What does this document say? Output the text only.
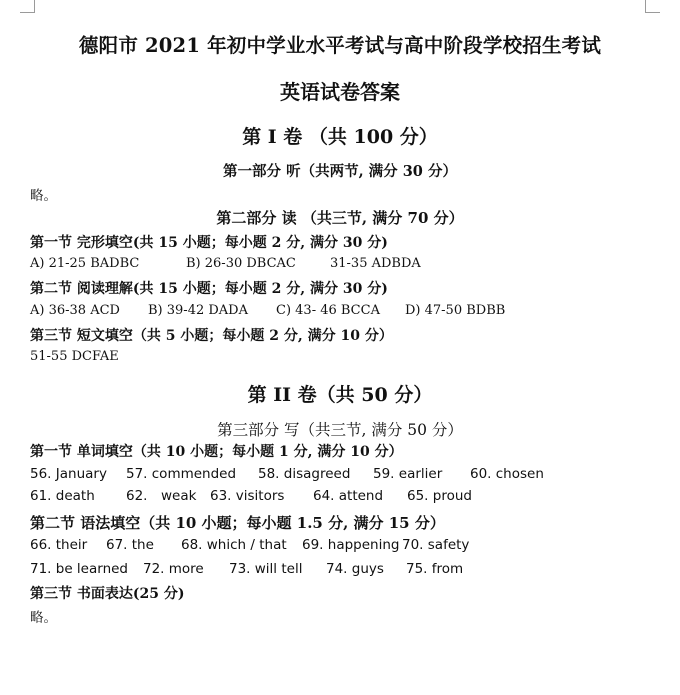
德阳市 2021 年初中学业水平考试与高中阶段学校招生考试
英语试卷答案
第 I 卷 （共 100 分）
第一部分 听（共两节, 满分 30 分）
略。
第二部分 读 （共三节, 满分 70 分）
第一节 完形填空(共 15 小题；每小题 2 分, 满分 30 分)
A) 21-25 BADBC	B) 26-30 DBCAC	31-35 ADBDA
第二节 阅读理解(共 15 小题；每小题 2 分, 满分 30 分)
A) 36-38 ACD B) 39-42 DADA C) 43- 46 BCCA D) 47-50 BDBB
第三节 短文填空（共 5 小题；每小题 2 分, 满分 10 分）
51-55 DCFAE
第 II 卷（共 50 分）
第三部分 写（共三节, 满分 50 分）
第一节 单词填空（共 10 小题；每小题 1 分, 满分 10 分）
56. January 57. commended 58. disagreed 59. earlier 60. chosen
61. death 62. weak 63. visitors 64. attend 65. proud
第二节 语法填空（共 10 小题；每小题 1.5 分, 满分 15 分）
66. their 67. the 68. which / that 69. happening 70. safety
71. be learned 72. more 73. will tell 74. guys 75. from
第三节 书面表达(25 分)
略。
